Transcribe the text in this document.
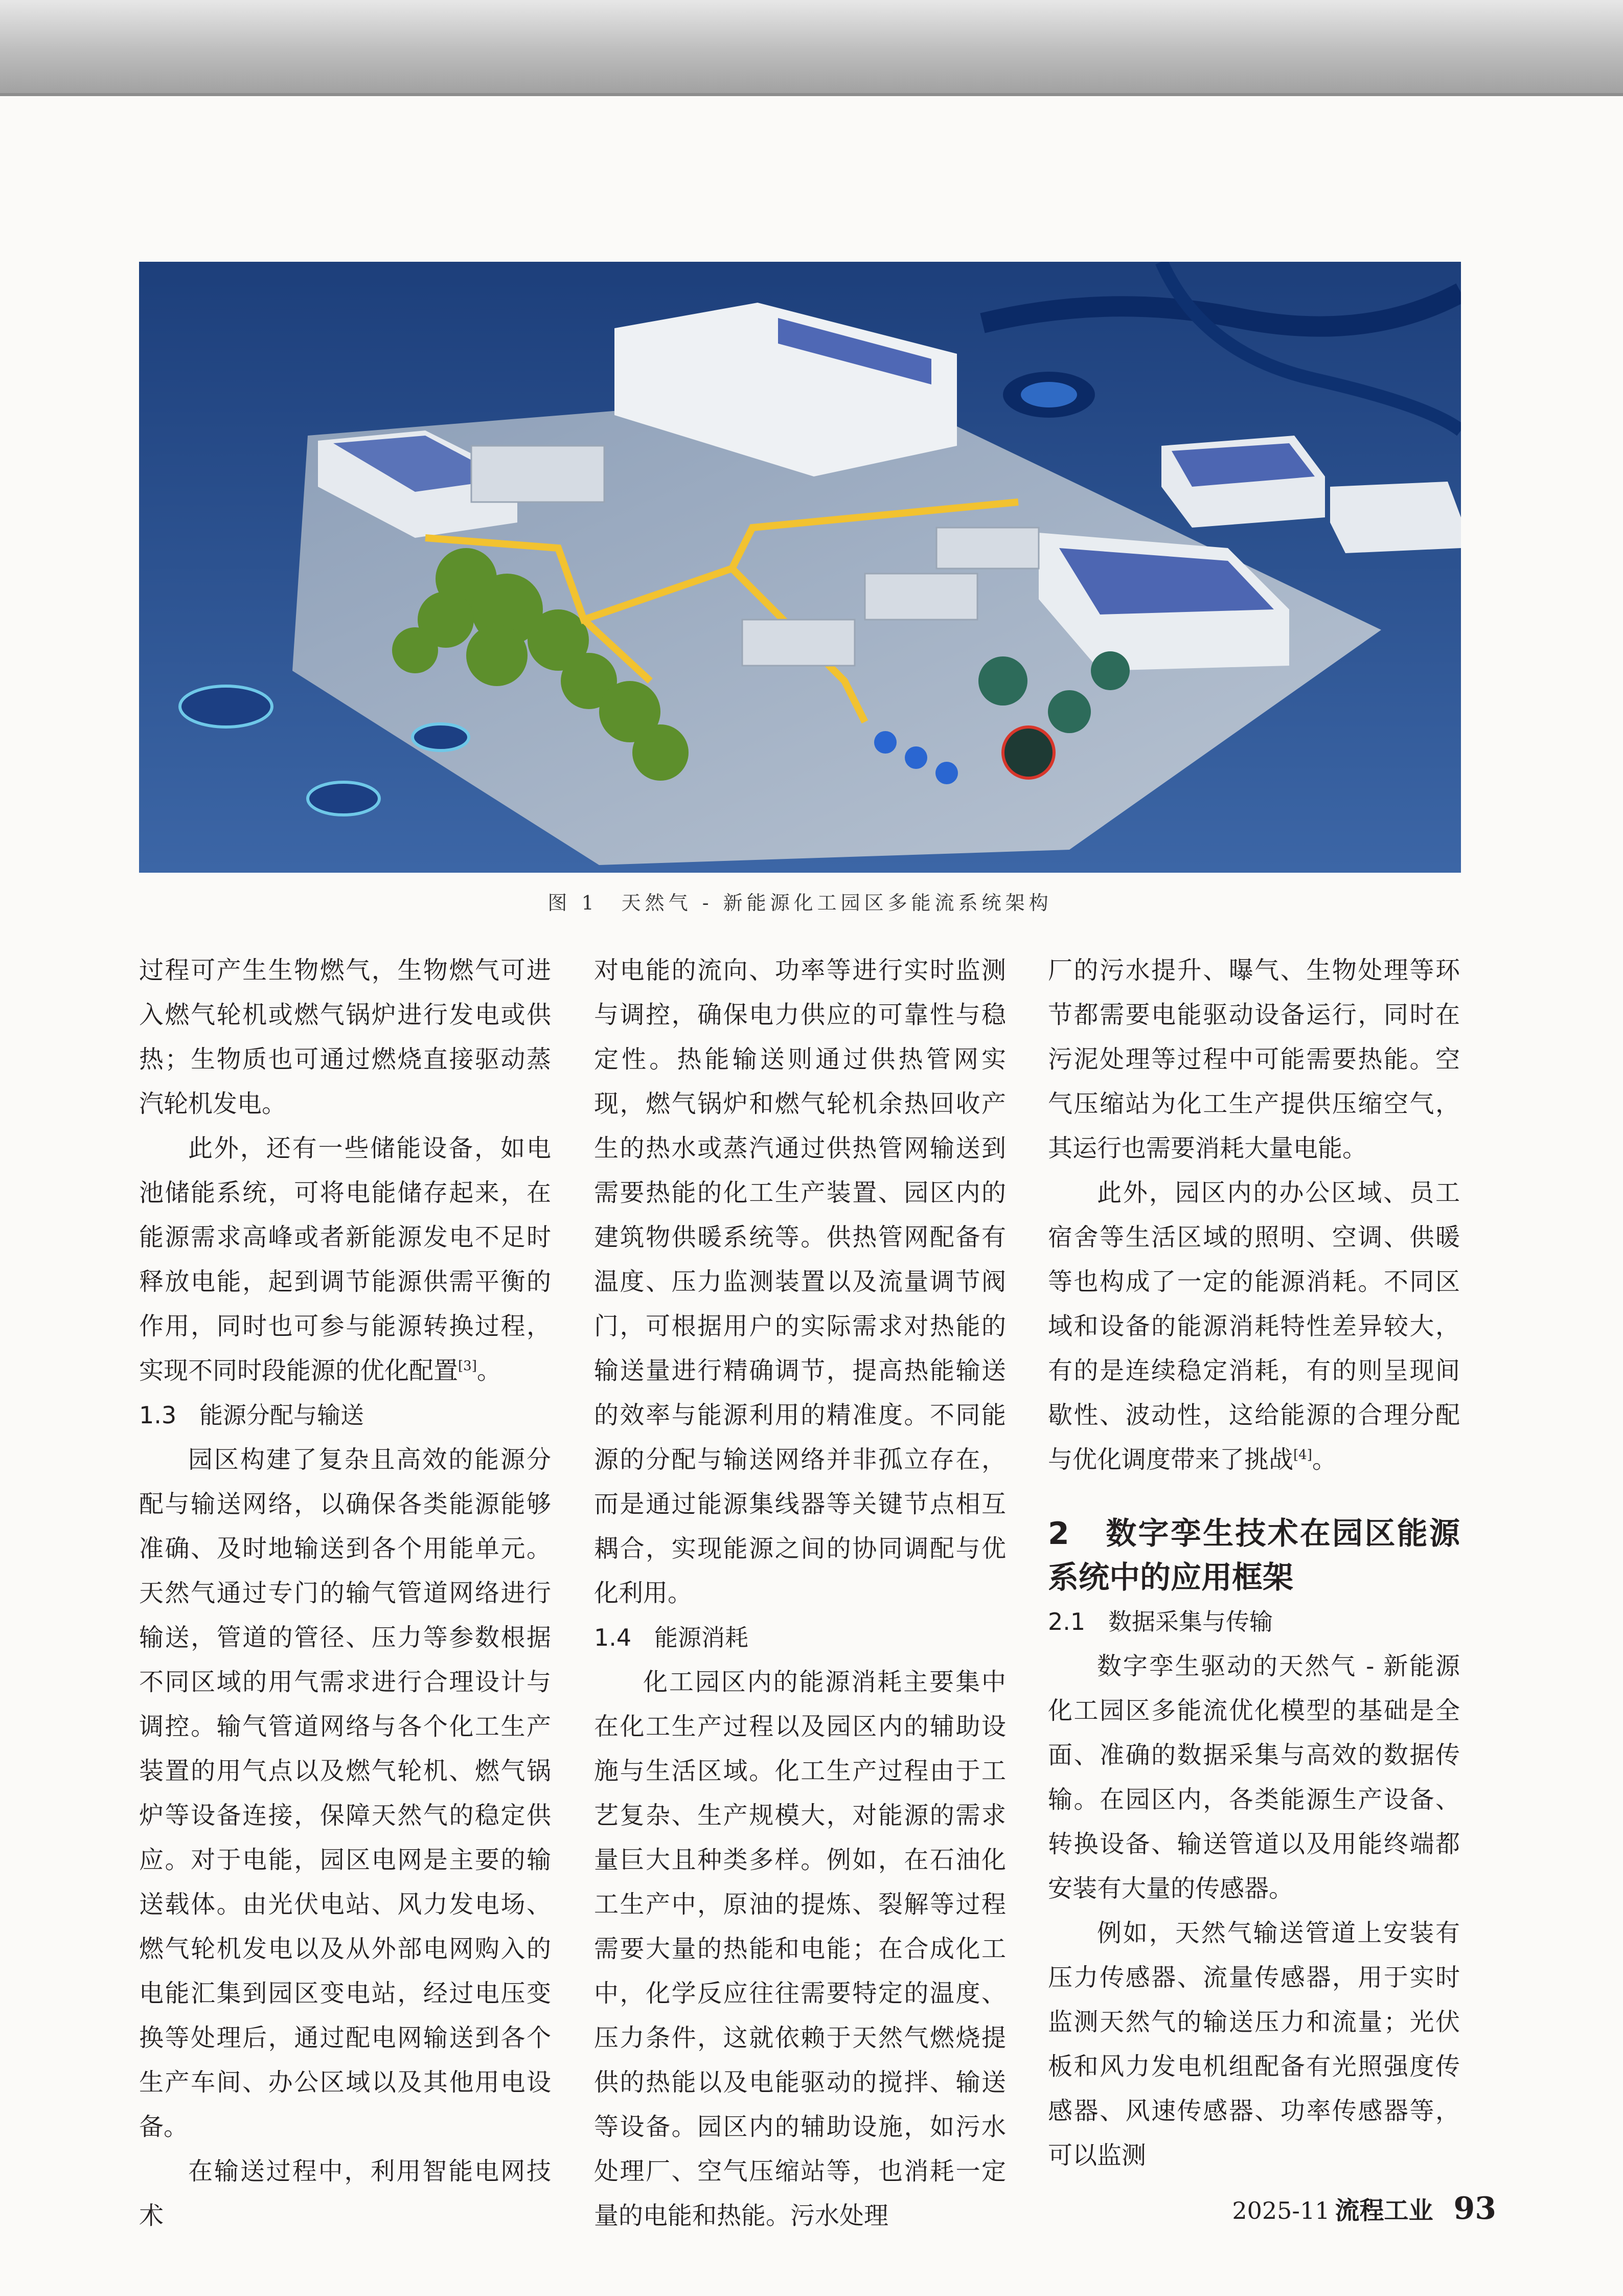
图 1　天然气 - 新能源化工园区多能流系统架构

过程可产生生物燃气，生物燃气可进入燃气轮机或燃气锅炉进行发电或供热；生物质也可通过燃烧直接驱动蒸汽轮机发电。

此外，还有一些储能设备，如电池储能系统，可将电能储存起来，在能源需求高峰或者新能源发电不足时释放电能，起到调节能源供需平衡的作用，同时也可参与能源转换过程，实现不同时段能源的优化配置[3]。

1.3 能源分配与输送

园区构建了复杂且高效的能源分配与输送网络，以确保各类能源能够准确、及时地输送到各个用能单元。天然气通过专门的输气管道网络进行输送，管道的管径、压力等参数根据不同区域的用气需求进行合理设计与调控。输气管道网络与各个化工生产装置的用气点以及燃气轮机、燃气锅炉等设备连接，保障天然气的稳定供应。对于电能，园区电网是主要的输送载体。由光伏电站、风力发电场、燃气轮机发电以及从外部电网购入的电能汇集到园区变电站，经过电压变换等处理后，通过配电网输送到各个生产车间、办公区域以及其他用电设备。

在输送过程中，利用智能电网技术

对电能的流向、功率等进行实时监测与调控，确保电力供应的可靠性与稳定性。热能输送则通过供热管网实现，燃气锅炉和燃气轮机余热回收产生的热水或蒸汽通过供热管网输送到需要热能的化工生产装置、园区内的建筑物供暖系统等。供热管网配备有温度、压力监测装置以及流量调节阀门，可根据用户的实际需求对热能的输送量进行精确调节，提高热能输送的效率与能源利用的精准度。不同能源的分配与输送网络并非孤立存在，而是通过能源集线器等关键节点相互耦合，实现能源之间的协同调配与优化利用。

1.4 能源消耗

化工园区内的能源消耗主要集中在化工生产过程以及园区内的辅助设施与生活区域。化工生产过程由于工艺复杂、生产规模大，对能源的需求量巨大且种类多样。例如，在石油化工生产中，原油的提炼、裂解等过程需要大量的热能和电能；在合成化工中，化学反应往往需要特定的温度、压力条件，这就依赖于天然气燃烧提供的热能以及电能驱动的搅拌、输送等设备。园区内的辅助设施，如污水处理厂、空气压缩站等，也消耗一定量的电能和热能。污水处理

厂的污水提升、曝气、生物处理等环节都需要电能驱动设备运行，同时在污泥处理等过程中可能需要热能。空气压缩站为化工生产提供压缩空气，其运行也需要消耗大量电能。

此外，园区内的办公区域、员工宿舍等生活区域的照明、空调、供暖等也构成了一定的能源消耗。不同区域和设备的能源消耗特性差异较大，有的是连续稳定消耗，有的则呈现间歇性、波动性，这给能源的合理分配与优化调度带来了挑战[4]。

2 数字孪生技术在园区能源系统中的应用框架
2.1 数据采集与传输

数字孪生驱动的天然气 - 新能源化工园区多能流优化模型的基础是全面、准确的数据采集与高效的数据传输。在园区内，各类能源生产设备、转换设备、输送管道以及用能终端都安装有大量的传感器。

例如，天然气输送管道上安装有压力传感器、流量传感器，用于实时监测天然气的输送压力和流量；光伏板和风力发电机组配备有光照强度传感器、风速传感器、功率传感器等，可以监测

2025-11 流程工业 93
